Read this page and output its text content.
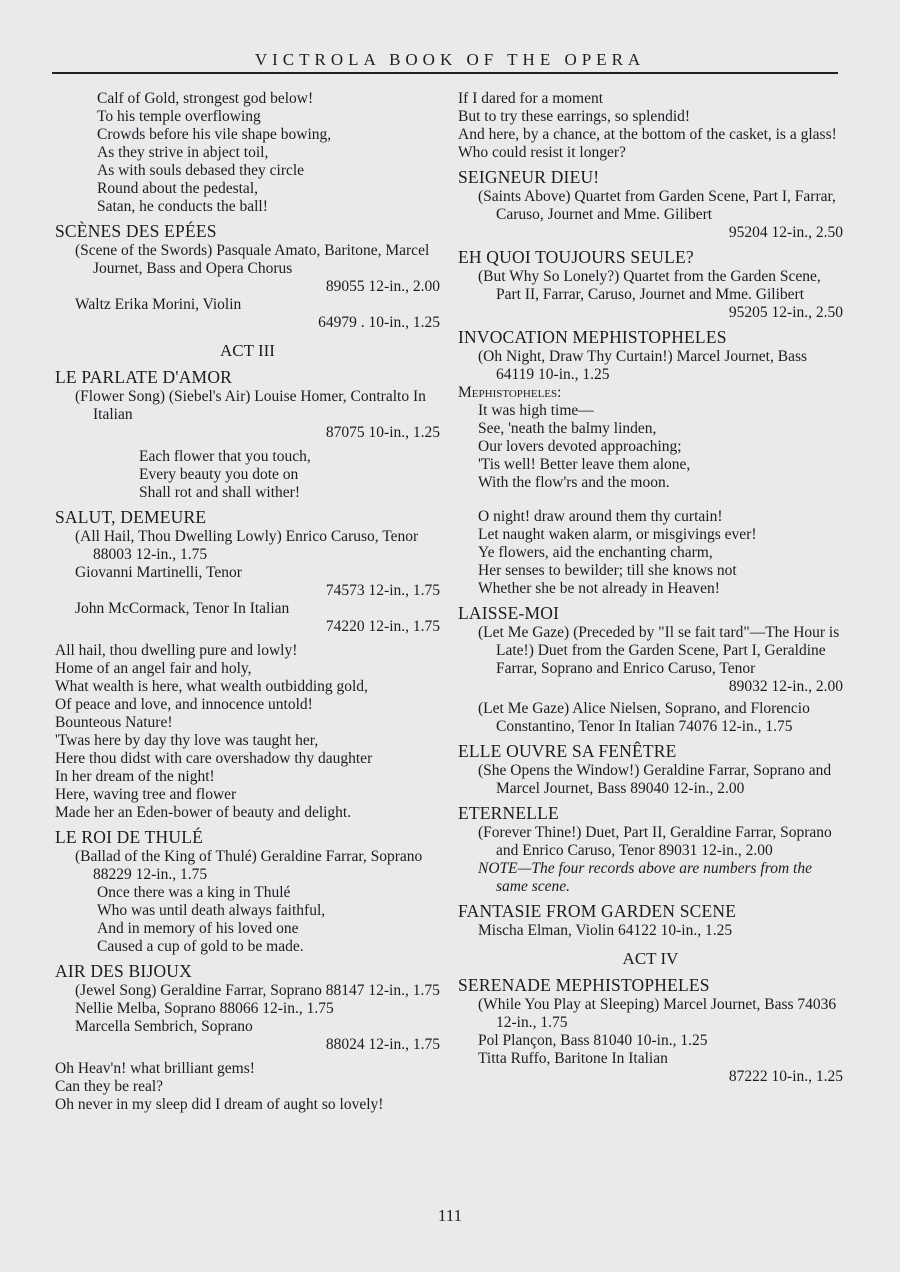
VICTROLA BOOK OF THE OPERA
Calf of Gold, strongest god below!
To his temple overflowing
Crowds before his vile shape bowing,
As they strive in abject toil,
As with souls debased they circle
Round about the pedestal,
Satan, he conducts the ball!
SCÈNES DES EPÉES
(Scene of the Swords) Pasquale Amato, Baritone, Marcel Journet, Bass and Opera Chorus
89055 12-in., 2.00
Waltz Erika Morini, Violin
64979 . 10-in., 1.25
ACT III
LE PARLATE D'AMOR
(Flower Song) (Siebel's Air) Louise Homer, Contralto In Italian
87075 10-in., 1.25
Each flower that you touch,
Every beauty you dote on
Shall rot and shall wither!
SALUT, DEMEURE
(All Hail, Thou Dwelling Lowly) Enrico Caruso, Tenor 88003 12-in., 1.75
Giovanni Martinelli, Tenor
74573 12-in., 1.75
John McCormack, Tenor In Italian
74220 12-in., 1.75
All hail, thou dwelling pure and lowly!
Home of an angel fair and holy,
What wealth is here, what wealth outbidding gold,
Of peace and love, and innocence untold!
Bounteous Nature!
'Twas here by day thy love was taught her,
Here thou didst with care overshadow thy daughter
In her dream of the night!
Here, waving tree and flower
Made her an Eden-bower of beauty and delight.
LE ROI DE THULÉ
(Ballad of the King of Thulé) Geraldine Farrar, Soprano 88229 12-in., 1.75
Once there was a king in Thulé
Who was until death always faithful,
And in memory of his loved one
Caused a cup of gold to be made.
AIR DES BIJOUX
(Jewel Song) Geraldine Farrar, Soprano 88147 12-in., 1.75
Nellie Melba, Soprano 88066 12-in., 1.75
Marcella Sembrich, Soprano
88024 12-in., 1.75
Oh Heav'n! what brilliant gems!
Can they be real?
Oh never in my sleep did I dream of aught so lovely!
If I dared for a moment
But to try these earrings, so splendid!
And here, by a chance, at the bottom of the casket, is a glass!
Who could resist it longer?
SEIGNEUR DIEU!
(Saints Above) Quartet from Garden Scene, Part I, Farrar, Caruso, Journet and Mme. Gilibert
95204 12-in., 2.50
EH QUOI TOUJOURS SEULE?
(But Why So Lonely?) Quartet from the Garden Scene, Part II, Farrar, Caruso, Journet and Mme. Gilibert
95205 12-in., 2.50
INVOCATION MEPHISTOPHELES
(Oh Night, Draw Thy Curtain!) Marcel Journet, Bass 64119 10-in., 1.25
Mephistopheles:
It was high time—
See, 'neath the balmy linden,
Our lovers devoted approaching;
'Tis well! Better leave them alone,
With the flow'rs and the moon.
O night! draw around them thy curtain!
Let naught waken alarm, or misgivings ever!
Ye flowers, aid the enchanting charm,
Her senses to bewilder; till she knows not
Whether she be not already in Heaven!
LAISSE-MOI
(Let Me Gaze) (Preceded by "Il se fait tard"—The Hour is Late!) Duet from the Garden Scene, Part I, Geraldine Farrar, Soprano and Enrico Caruso, Tenor
89032 12-in., 2.00
(Let Me Gaze) Alice Nielsen, Soprano, and Florencio Constantino, Tenor In Italian 74076 12-in., 1.75
ELLE OUVRE SA FENÊTRE
(She Opens the Window!) Geraldine Farrar, Soprano and Marcel Journet, Bass 89040 12-in., 2.00
ETERNELLE
(Forever Thine!) Duet, Part II, Geraldine Farrar, Soprano and Enrico Caruso, Tenor 89031 12-in., 2.00
NOTE—The four records above are numbers from the same scene.
FANTASIE FROM GARDEN SCENE
Mischa Elman, Violin 64122 10-in., 1.25
ACT IV
SERENADE MEPHISTOPHELES
(While You Play at Sleeping) Marcel Journet, Bass 74036 12-in., 1.75
Pol Plançon, Bass 81040 10-in., 1.25
Titta Ruffo, Baritone In Italian
87222 10-in., 1.25
111
